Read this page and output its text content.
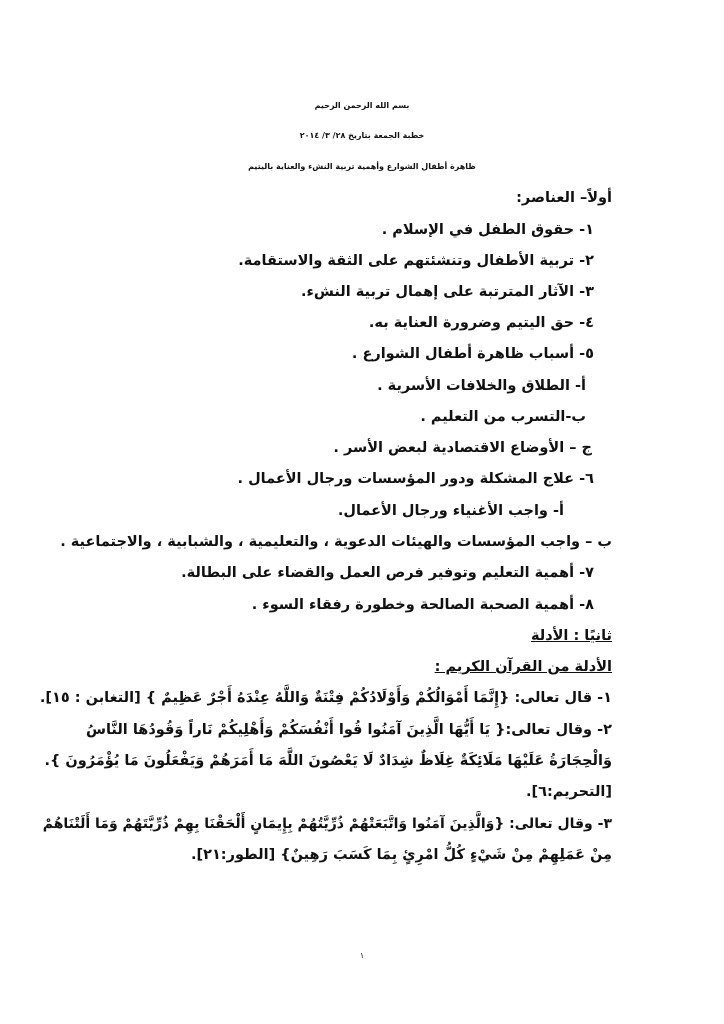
بسم الله الرحمن الرحيم
خطبة الجمعة بتاريخ ٢٨/ ٣/ ٢٠١٤
ظاهرة أطفال الشوارع وأهمية تربية النشء والعناية باليتيم
أولاً– العناصر:
١- حقوق الطفل في الإسلام .
٢- تربية الأطفال وتنشئتهم على الثقة والاستقامة.
٣- الآثار المترتبة على إهمال تربية النشء.
٤- حق اليتيم وضرورة العناية به.
٥- أسباب ظاهرة أطفال الشوارع .
أ- الطلاق والخلافات الأسرية .
ب-التسرب من التعليم .
ج – الأوضاع الاقتصادية لبعض الأسر .
٦- علاج المشكلة ودور المؤسسات ورجال الأعمال .
أ- واجب الأغنياء ورجال الأعمال.
ب – واجب المؤسسات والهيئات الدعوية ، والتعليمية ، والشبابية ، والاجتماعية .
٧- أهمية التعليم وتوفير فرص العمل والقضاء على البطالة.
٨- أهمية الصحبة الصالحة وخطورة رفقاء السوء .
ثانيًا : الأدلة
الأدلة من القرآن الكريم :
١- قال تعالى: {إِنَّمَا أَمْوَالُكُمْ وَأَوْلَادُكُمْ فِتْنَةٌ وَاللَّهُ عِنْدَهُ أَجْرٌ عَظِيمٌ } [التغابن : ١٥].
٢- وقال تعالى:{ يَا أَيُّهَا الَّذِينَ آمَنُوا قُوا أَنْفُسَكُمْ وَأَهْلِيكُمْ نَاراً وَقُودُهَا النَّاسُ
وَالْحِجَارَةُ عَلَيْهَا مَلَائِكَةٌ غِلَاظٌ شِدَادٌ لَا يَعْصُونَ اللَّهَ مَا أَمَرَهُمْ وَيَفْعَلُونَ مَا يُؤْمَرُونَ }.
[التحريم:٦].
٣- وقال تعالى: {وَالَّذِينَ آمَنُوا وَاتَّبَعَتْهُمْ ذُرِّيَّتُهُمْ بِإِيمَانٍ أَلْحَقْنَا بِهِمْ ذُرِّيَّتَهُمْ وَمَا أَلَتْنَاهُمْ
مِنْ عَمَلِهِمْ مِنْ شَيْءٍ كُلُّ امْرِئٍ بِمَا كَسَبَ رَهِينٌ} [الطور:٢١].
١
